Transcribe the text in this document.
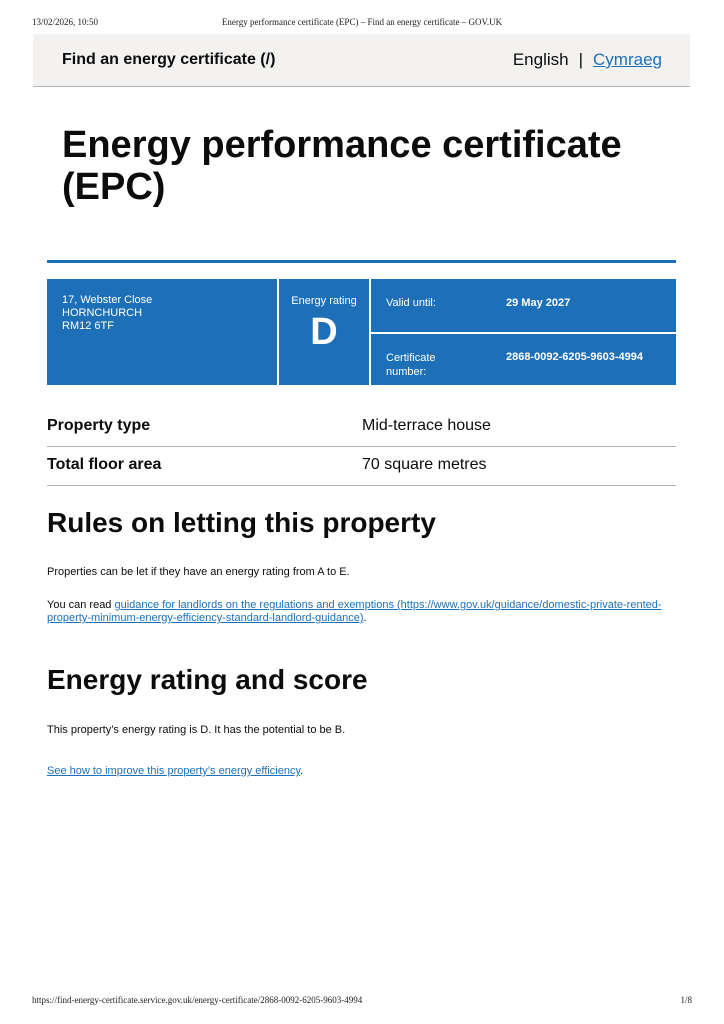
13/02/2026, 10:50	Energy performance certificate (EPC) – Find an energy certificate – GOV.UK
Find an energy certificate (/)	English | Cymraeg
Energy performance certificate (EPC)
17, Webster Close
HORNCHURCH
RM12 6TF
Energy rating
D
Valid until:	29 May 2027
Certificate number:
2868-0092-6205-9603-4994
Property type	Mid-terrace house
Total floor area	70 square metres
Rules on letting this property

Properties can be let if they have an energy rating from A to E.

You can read guidance for landlords on the regulations and exemptions (https://www.gov.uk/guidance/domestic-private-rented-property-minimum-energy-efficiency-standard-landlord-guidance).

Energy rating and score

This property’s energy rating is D. It has the potential to be B.

See how to improve this property’s energy efficiency.

https://find-energy-certificate.service.gov.uk/energy-certificate/2868-0092-6205-9603-4994	1/8
